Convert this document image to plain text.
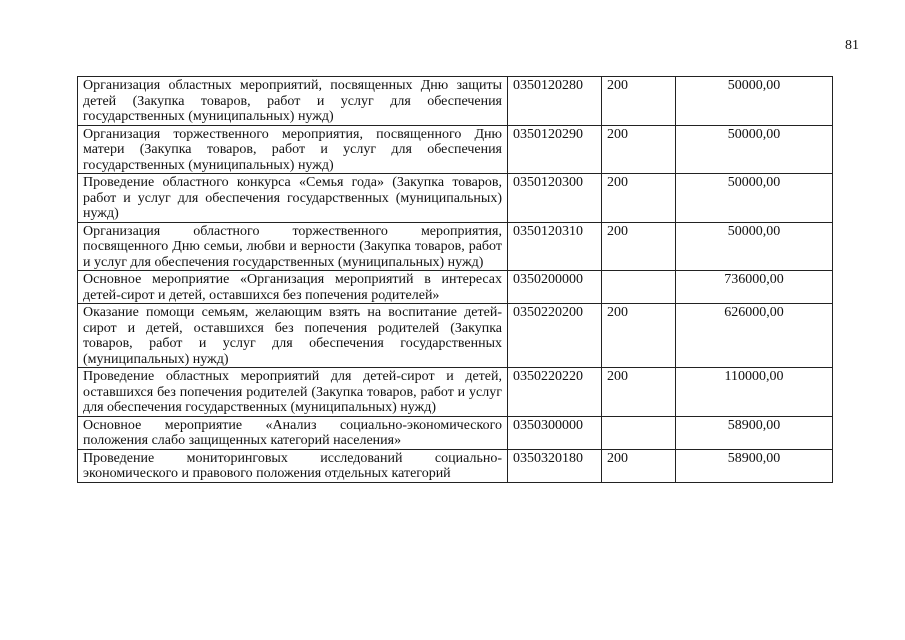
81
Организация областных мероприятий, посвященных Дню защиты детей (Закупка товаров, работ и услуг для обеспечения государственных (муниципальных) нужд)	0350120280	200	50000,00
Организация торжественного мероприятия, посвященного Дню матери (Закупка товаров, работ и услуг для обеспечения государственных (муниципальных) нужд)	0350120290	200	50000,00
Проведение областного конкурса «Семья года» (Закупка товаров, работ и услуг для обеспечения государственных (муниципальных) нужд)	0350120300	200	50000,00
Организация областного торжественного мероприятия, посвященного Дню семьи, любви и верности (Закупка товаров, работ и услуг для обеспечения государственных (муниципальных) нужд)	0350120310	200	50000,00
Основное мероприятие «Организация мероприятий в интересах детей-сирот и детей, оставшихся без попечения родителей»	0350200000		736000,00
Оказание помощи семьям, желающим взять на воспитание детей-сирот и детей, оставшихся без попечения родителей (Закупка товаров, работ и услуг для обеспечения государственных (муниципальных) нужд)	0350220200	200	626000,00
Проведение областных мероприятий для детей-сирот и детей, оставшихся без попечения родителей (Закупка товаров, работ и услуг для обеспечения государственных (муниципальных) нужд)	0350220220	200	110000,00
Основное мероприятие «Анализ социально-экономического положения слабо защищенных категорий населения»	0350300000		58900,00
Проведение мониторинговых исследований социально-экономического и правового положения отдельных категорий	0350320180	200	58900,00
